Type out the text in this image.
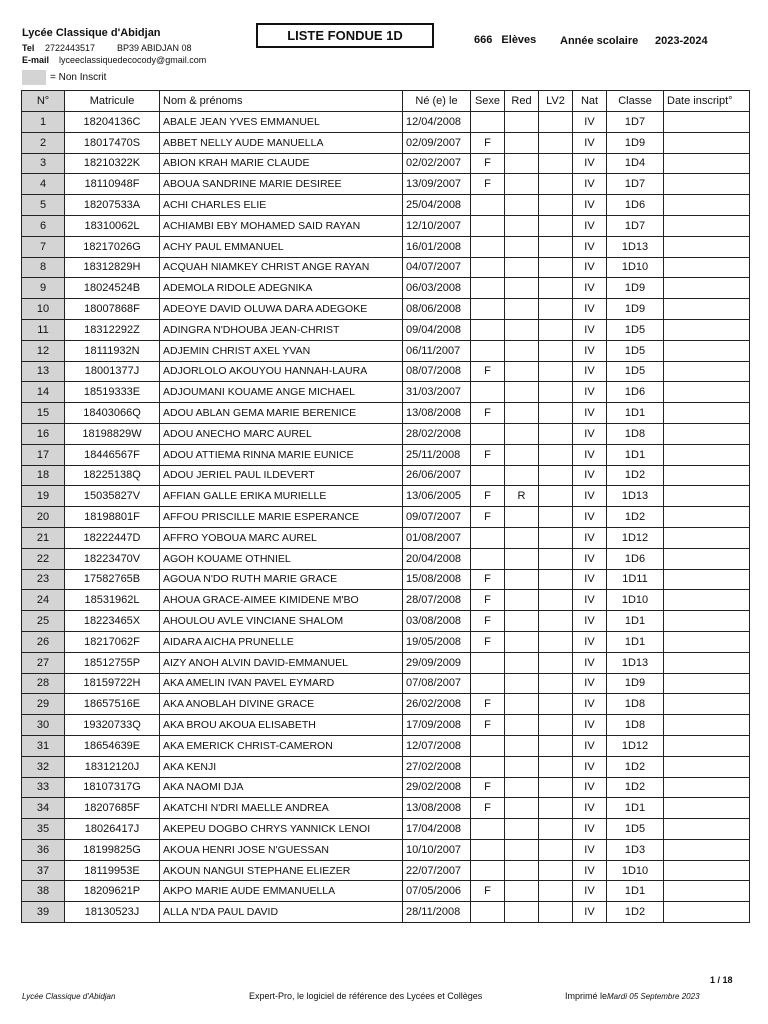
Lycée Classique d'Abidjan
Tel 2722443517 BP39 ABIDJAN 08
E-mail lyceeclassiquedecocody@gmail.com
= Non Inscrit
LISTE FONDUE 1D	666 Elèves	Année scolaire 2023-2024
N°	Matricule	Nom & prénoms	Né (e) le	Sexe	Red	LV2	Nat	Classe	Date inscript°
1	18204136C	ABALE JEAN YVES EMMANUEL	12/04/2008				IV	1D7	
2	18017470S	ABBET NELLY AUDE MANUELLA	02/09/2007	F			IV	1D9	
3	18210322K	ABION KRAH MARIE CLAUDE	02/02/2007	F			IV	1D4	
4	18110948F	ABOUA SANDRINE MARIE DESIREE	13/09/2007	F			IV	1D7	
5	18207533A	ACHI CHARLES ELIE	25/04/2008				IV	1D6	
6	18310062L	ACHIAMBI EBY MOHAMED SAID RAYAN	12/10/2007				IV	1D7	
7	18217026G	ACHY PAUL EMMANUEL	16/01/2008				IV	1D13	
8	18312829H	ACQUAH NIAMKEY CHRIST ANGE RAYAN	04/07/2007				IV	1D10	
9	18024524B	ADEMOLA RIDOLE ADEGNIKA	06/03/2008				IV	1D9	
10	18007868F	ADEOYE DAVID OLUWA DARA ADEGOKE	08/06/2008				IV	1D9	
11	18312292Z	ADINGRA N'DHOUBA JEAN-CHRIST	09/04/2008				IV	1D5	
12	18111932N	ADJEMIN CHRIST AXEL YVAN	06/11/2007				IV	1D5	
13	18001377J	ADJORLOLO AKOUYOU HANNAH-LAURA	08/07/2008	F			IV	1D5	
14	18519333E	ADJOUMANI KOUAME ANGE MICHAEL	31/03/2007				IV	1D6	
15	18403066Q	ADOU ABLAN GEMA MARIE BERENICE	13/08/2008	F			IV	1D1	
16	18198829W	ADOU ANECHO MARC AUREL	28/02/2008				IV	1D8	
17	18446567F	ADOU ATTIEMA RINNA MARIE EUNICE	25/11/2008	F			IV	1D1	
18	18225138Q	ADOU JERIEL PAUL ILDEVERT	26/06/2007				IV	1D2	
19	15035827V	AFFIAN GALLE ERIKA MURIELLE	13/06/2005	F	R		IV	1D13	
20	18198801F	AFFOU PRISCILLE MARIE ESPERANCE	09/07/2007	F			IV	1D2	
21	18222447D	AFFRO YOBOUA MARC AUREL	01/08/2007				IV	1D12	
22	18223470V	AGOH KOUAME OTHNIEL	20/04/2008				IV	1D6	
23	17582765B	AGOUA N'DO RUTH MARIE GRACE	15/08/2008	F			IV	1D11	
24	18531962L	AHOUA GRACE-AIMEE KIMIDENE M'BO	28/07/2008	F			IV	1D10	
25	18223465X	AHOULOU AVLE VINCIANE SHALOM	03/08/2008	F			IV	1D1	
26	18217062F	AIDARA AICHA PRUNELLE	19/05/2008	F			IV	1D1	
27	18512755P	AIZY ANOH ALVIN DAVID-EMMANUEL	29/09/2009				IV	1D13	
28	18159722H	AKA AMELIN IVAN PAVEL EYMARD	07/08/2007				IV	1D9	
29	18657516E	AKA ANOBLAH DIVINE GRACE	26/02/2008	F			IV	1D8	
30	19320733Q	AKA BROU AKOUA ELISABETH	17/09/2008	F			IV	1D8	
31	18654639E	AKA EMERICK CHRIST-CAMERON	12/07/2008				IV	1D12	
32	18312120J	AKA KENJI	27/02/2008				IV	1D2	
33	18107317G	AKA NAOMI DJA	29/02/2008	F			IV	1D2	
34	18207685F	AKATCHI N'DRI MAELLE ANDREA	13/08/2008	F			IV	1D1	
35	18026417J	AKEPEU DOGBO CHRYS YANNICK LENOI	17/04/2008				IV	1D5	
36	18199825G	AKOUA HENRI JOSE N'GUESSAN	10/10/2007				IV	1D3	
37	18119953E	AKOUN NANGUI STEPHANE ELIEZER	22/07/2007				IV	1D10	
38	18209621P	AKPO MARIE AUDE EMMANUELLA	07/05/2006	F			IV	1D1	
39	18130523J	ALLA N'DA PAUL DAVID	28/11/2008				IV	1D2	
1 / 18
Lycée Classique d'Abidjan	Expert-Pro, le logiciel de référence des Lycées et Collèges	Imprimé leMardi 05 Septembre 2023
